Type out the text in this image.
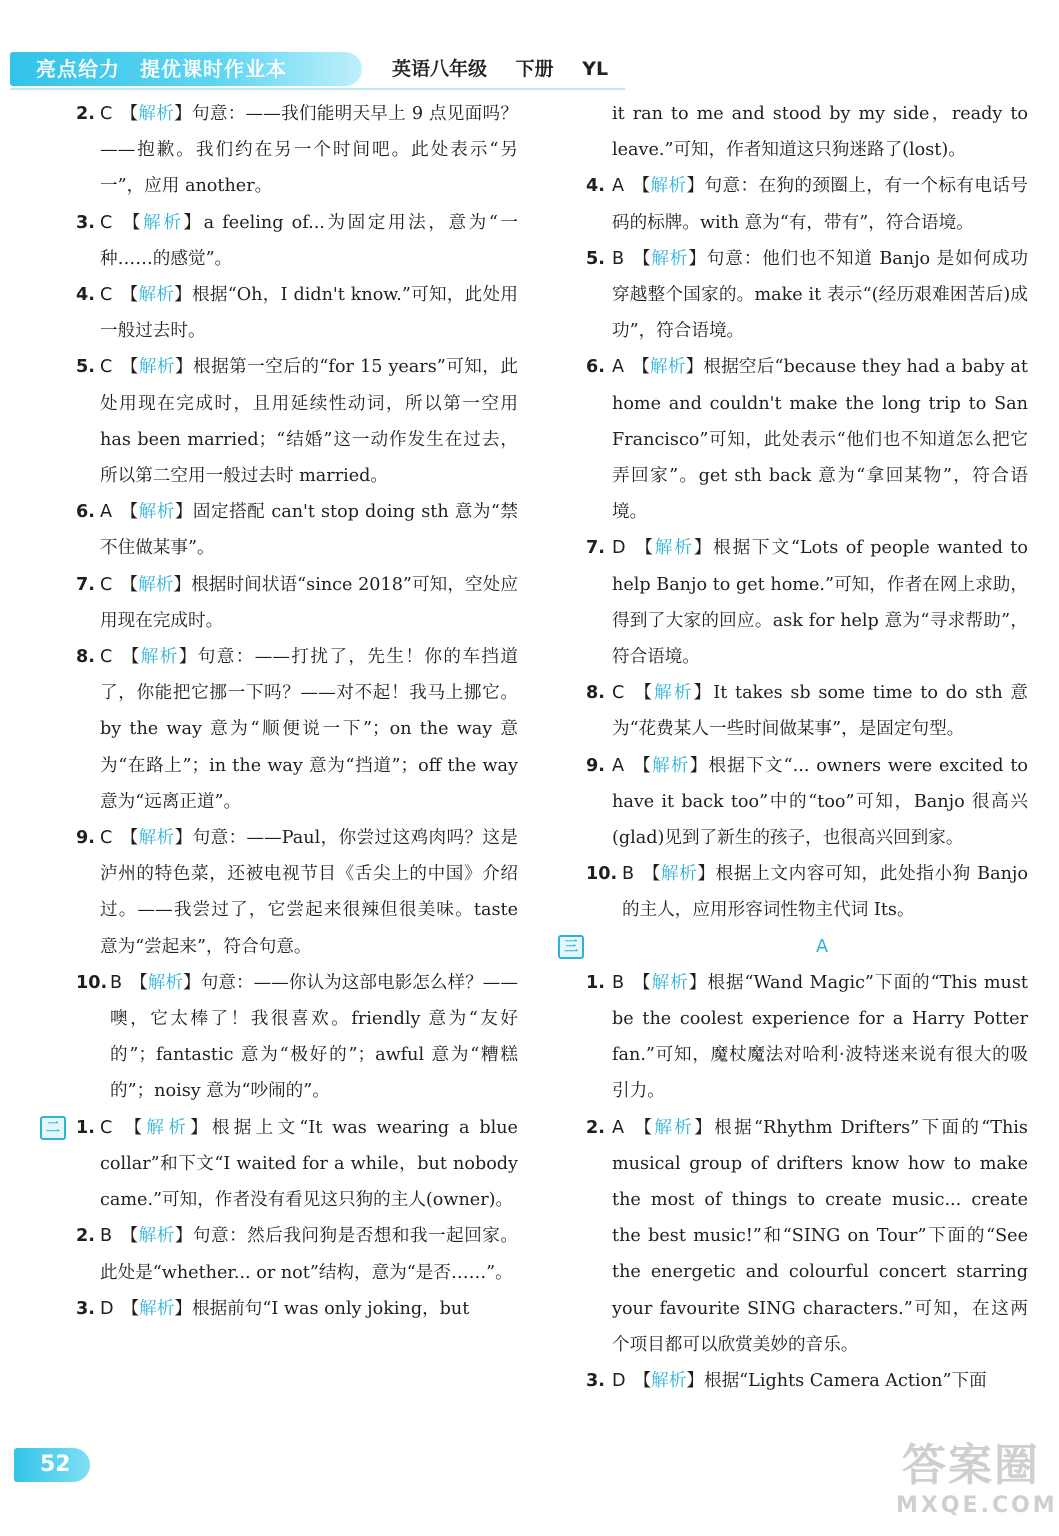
亮点给力 提优课时作业本	英语八年级 下册 YL
2. C 【解析】句意：——我们能明天早上 9 点见面吗？——抱歉。我们约在另一个时间吧。此处表示“另一”，应用 another。
3. C 【解析】a feeling of...为固定用法，意为“一种……的感觉”。
4. C 【解析】根据“Oh，I didn't know.”可知，此处用一般过去时。
5. C 【解析】根据第一空后的“for 15 years”可知，此处用现在完成时，且用延续性动词，所以第一空用 has been married；“结婚”这一动作发生在过去，所以第二空用一般过去时 married。
6. A 【解析】固定搭配 can't stop doing sth 意为“禁不住做某事”。
7. C 【解析】根据时间状语“since 2018”可知，空处应用现在完成时。
8. C 【解析】句意：——打扰了，先生！你的车挡道了，你能把它挪一下吗？——对不起！我马上挪它。by the way 意为“顺便说一下”；on the way 意为“在路上”；in the way 意为“挡道”；off the way 意为“远离正道”。
9. C 【解析】句意：——Paul，你尝过这鸡肉吗？这是泸州的特色菜，还被电视节目《舌尖上的中国》介绍过。——我尝过了，它尝起来很辣但很美味。taste 意为“尝起来”，符合句意。
10. B 【解析】句意：——你认为这部电影怎么样？——噢，它太棒了！我很喜欢。friendly 意为“友好的”；fantastic 意为“极好的”；awful 意为“糟糕的”；noisy 意为“吵闹的”。
二 1. C 【解析】根据上文“It was wearing a blue collar”和下文“I waited for a while，but nobody came.”可知，作者没有看见这只狗的主人(owner)。
2. B 【解析】句意：然后我问狗是否想和我一起回家。此处是“whether... or not”结构，意为“是否……”。
3. D 【解析】根据前句“I was only joking，but
it ran to me and stood by my side，ready to leave.”可知，作者知道这只狗迷路了(lost)。
4. A 【解析】句意：在狗的颈圈上，有一个标有电话号码的标牌。with 意为“有，带有”，符合语境。
5. B 【解析】句意：他们也不知道 Banjo 是如何成功穿越整个国家的。make it 表示“(经历艰难困苦后)成功”，符合语境。
6. A 【解析】根据空后“because they had a baby at home and couldn't make the long trip to San Francisco”可知，此处表示“他们也不知道怎么把它弄回家”。get sth back 意为“拿回某物”，符合语境。
7. D 【解析】根据下文“Lots of people wanted to help Banjo to get home.”可知，作者在网上求助，得到了大家的回应。ask for help 意为“寻求帮助”，符合语境。
8. C 【解析】It takes sb some time to do sth 意为“花费某人一些时间做某事”，是固定句型。
9. A 【解析】根据下文“... owners were excited to have it back too”中的“too”可知，Banjo 很高兴(glad)见到了新生的孩子，也很高兴回到家。
10. B 【解析】根据上文内容可知，此处指小狗 Banjo 的主人，应用形容词性物主代词 Its。
三	A
1. B 【解析】根据“Wand Magic”下面的“This must be the coolest experience for a Harry Potter fan.”可知，魔杖魔法对哈利·波特迷来说有很大的吸引力。
2. A 【解析】根据“Rhythm Drifters”下面的“This musical group of drifters know how to make the most of things to create music... create the best music!”和“SING on Tour”下面的“See the energetic and colourful concert starring your favourite SING characters.”可知，在这两个项目都可以欣赏美妙的音乐。
3. D 【解析】根据“Lights Camera Action”下面
52	答案圈
MXQE.COM
